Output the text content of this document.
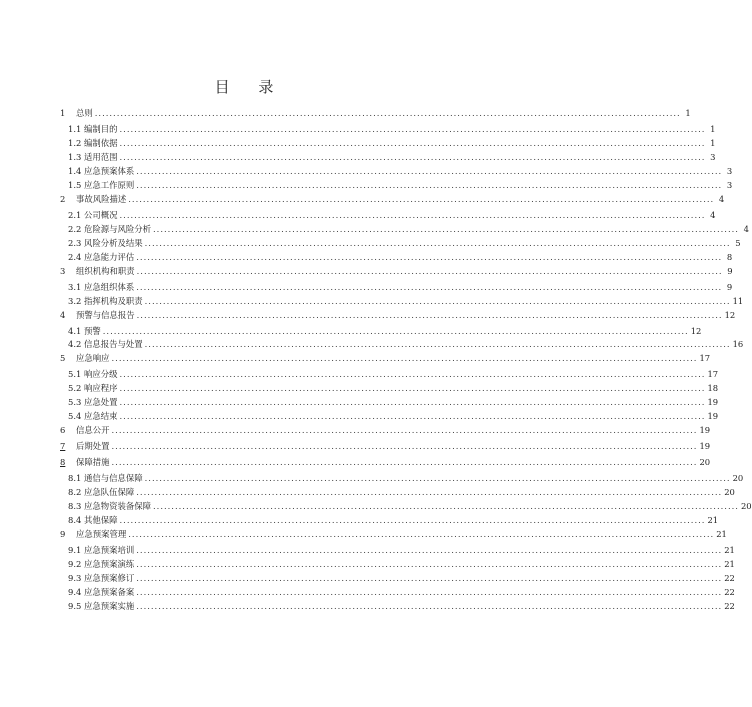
目 录
1	总则 ................................................................................................................................................................ 1
1.1 编制目的 ................................................................................................................................................................ 1
1.2 编制依据 ................................................................................................................................................................ 1
1.3 适用范围 ................................................................................................................................................................ 3
1.4 应急预案体系 ................................................................................................................................................................ 3
1.5 应急工作原则 ................................................................................................................................................................ 3
2	事故风险描述 ................................................................................................................................................................ 4
2.1 公司概况 ................................................................................................................................................................ 4
2.2 危险源与风险分析 ................................................................................................................................................................ 4
2.3 风险分析及结果 ................................................................................................................................................................ 5
2.4 应急能力评估 ................................................................................................................................................................ 8
3	组织机构和职责 ................................................................................................................................................................ 9
3.1 应急组织体系 ................................................................................................................................................................ 9
3.2 指挥机构及职责 ................................................................................................................................................................ 11
4	预警与信息报告 ................................................................................................................................................................ 12
4.1 预警 ................................................................................................................................................................ 12
4.2 信息报告与处置 ................................................................................................................................................................ 16
5	应急响应 ................................................................................................................................................................ 17
5.1 响应分级 ................................................................................................................................................................ 17
5.2 响应程序 ................................................................................................................................................................ 18
5.3 应急处置 ................................................................................................................................................................ 19
5.4 应急结束 ................................................................................................................................................................ 19
6	信息公开 ................................................................................................................................................................ 19
7	后期处置 ................................................................................................................................................................ 19
8	保障措施 ................................................................................................................................................................ 20
8.1 通信与信息保障 ................................................................................................................................................................ 20
8.2 应急队伍保障 ................................................................................................................................................................ 20
8.3 应急物资装备保障 ................................................................................................................................................................ 20
8.4 其他保障 ................................................................................................................................................................ 21
9	应急预案管理 ................................................................................................................................................................ 21
9.1 应急预案培训 ................................................................................................................................................................ 21
9.2 应急预案演练 ................................................................................................................................................................ 21
9.3 应急预案修订 ................................................................................................................................................................ 22
9.4 应急预案备案 ................................................................................................................................................................ 22
9.5 应急预案实施 ................................................................................................................................................................ 22
